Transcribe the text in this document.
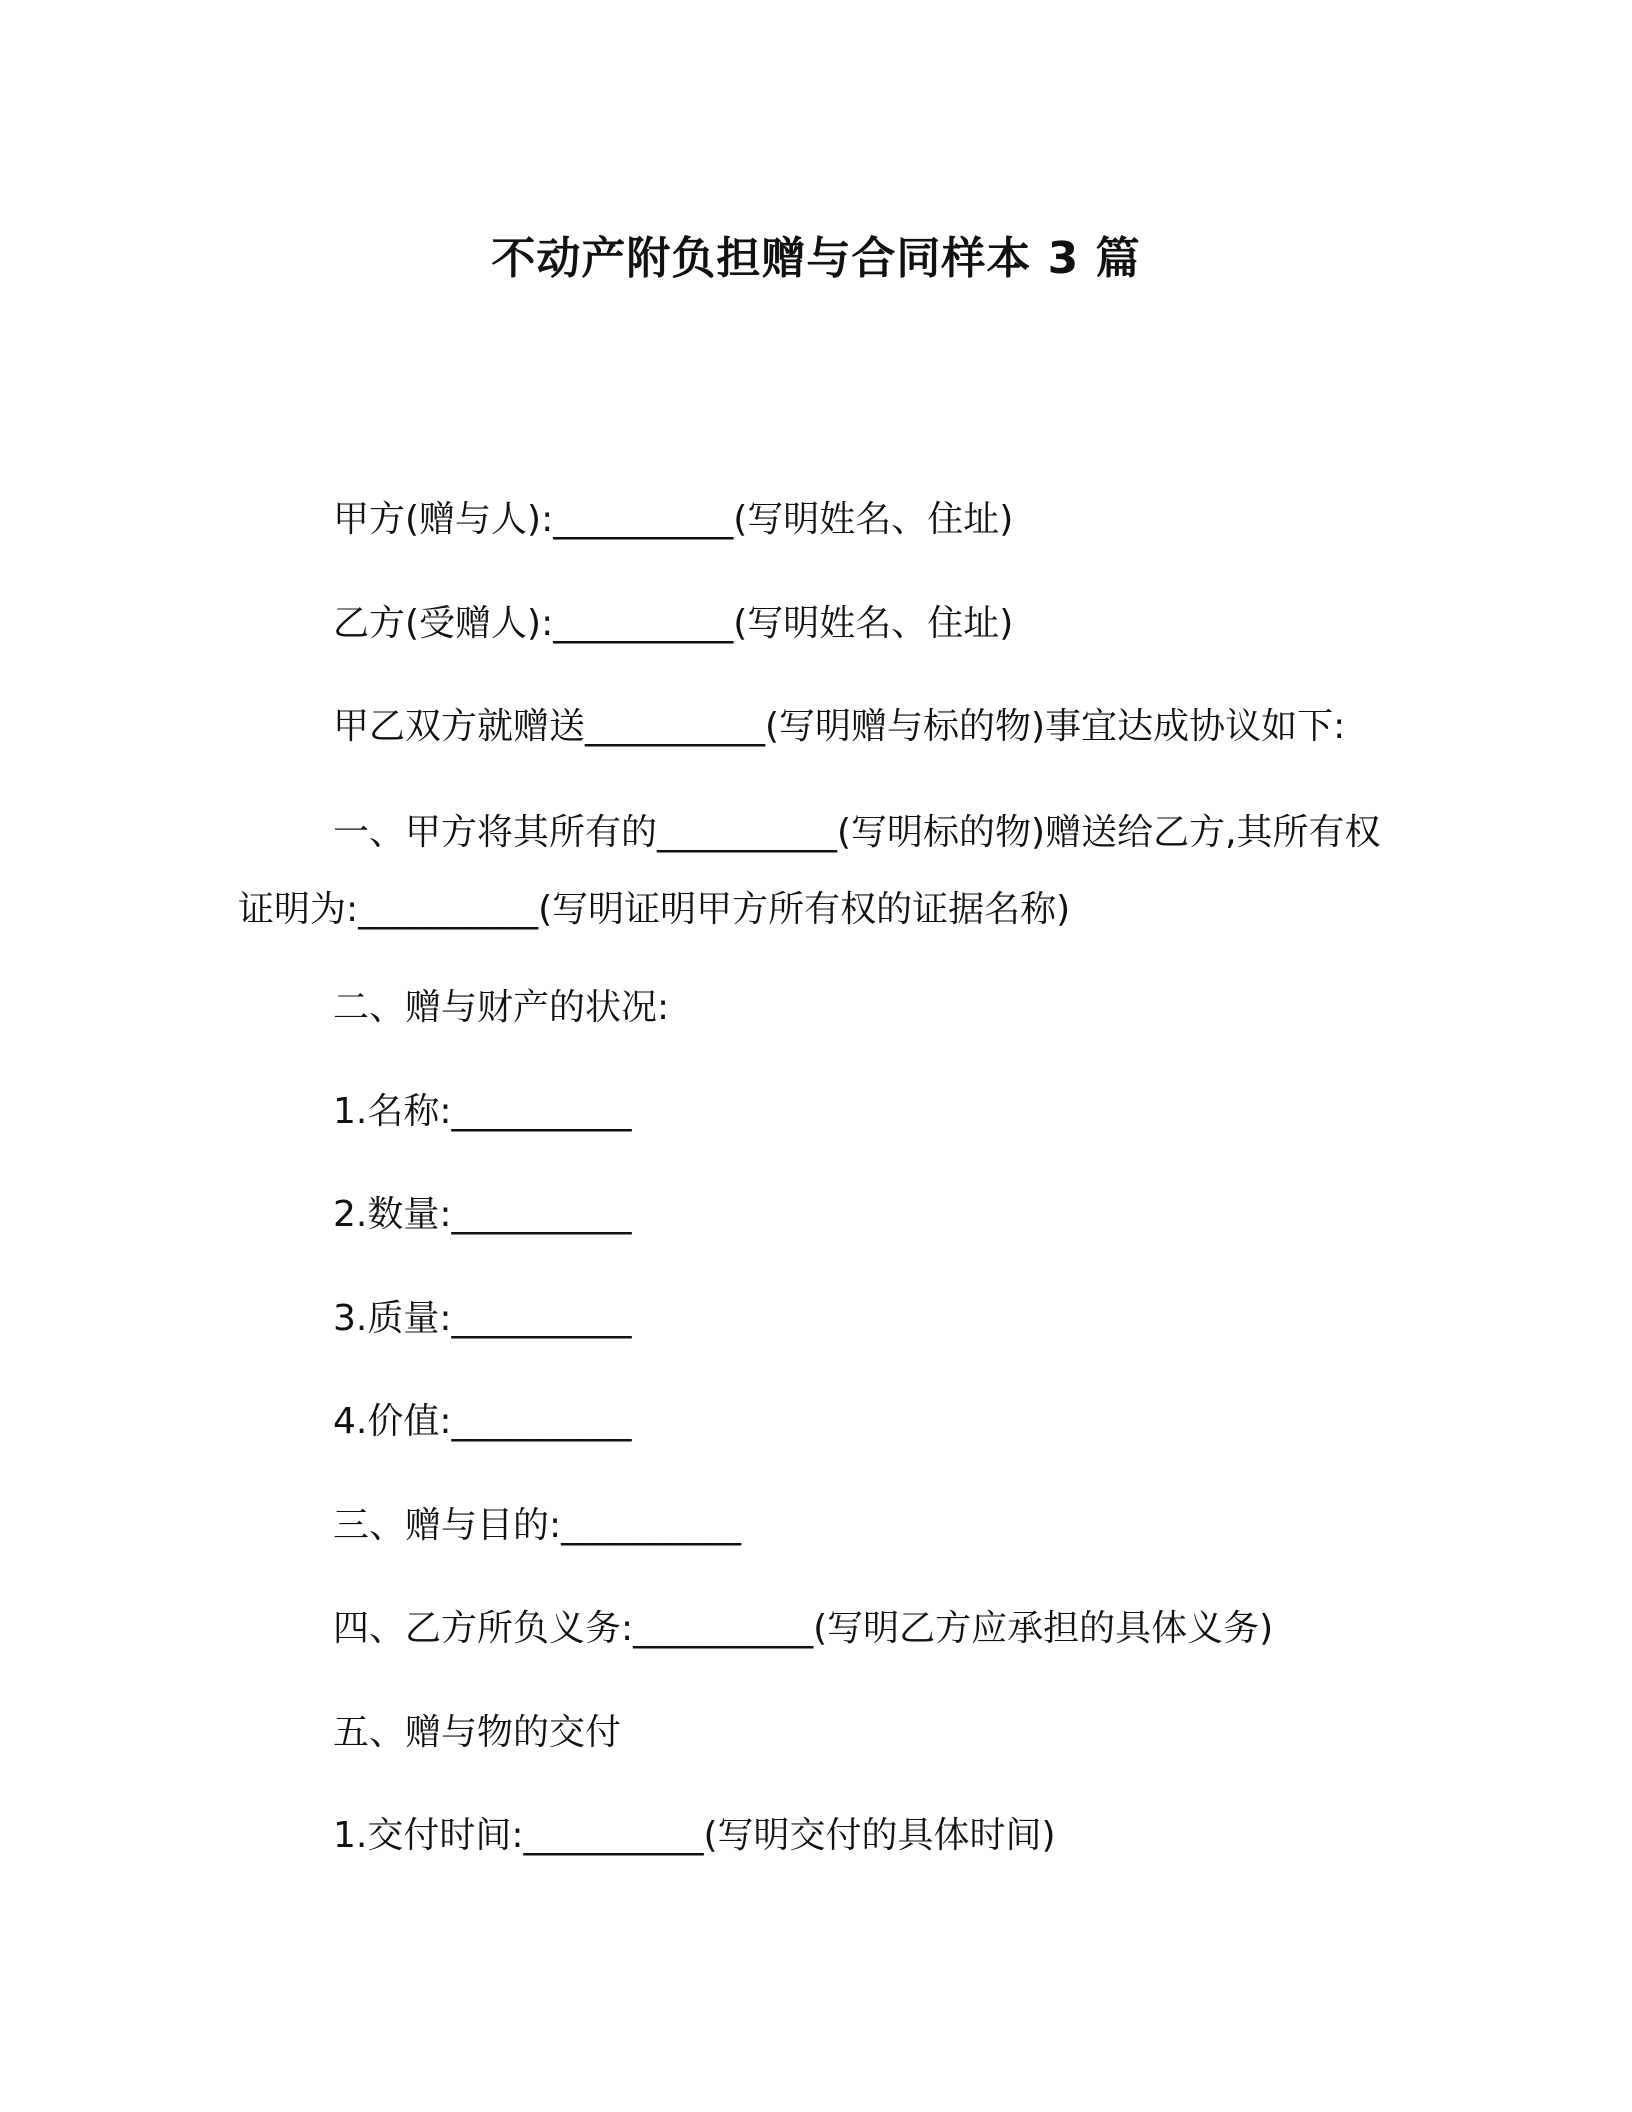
不动产附负担赠与合同样本 3 篇
甲方(赠与人):__________(写明姓名、住址)
乙方(受赠人):__________(写明姓名、住址)
甲乙双方就赠送__________(写明赠与标的物)事宜达成协议如下:
一、甲方将其所有的__________(写明标的物)赠送给乙方,其所有权证明为:__________(写明证明甲方所有权的证据名称)
二、赠与财产的状况:
1.名称:__________
2.数量:__________
3.质量:__________
4.价值:__________
三、赠与目的:__________
四、乙方所负义务:__________(写明乙方应承担的具体义务)
五、赠与物的交付
1.交付时间:__________(写明交付的具体时间)
